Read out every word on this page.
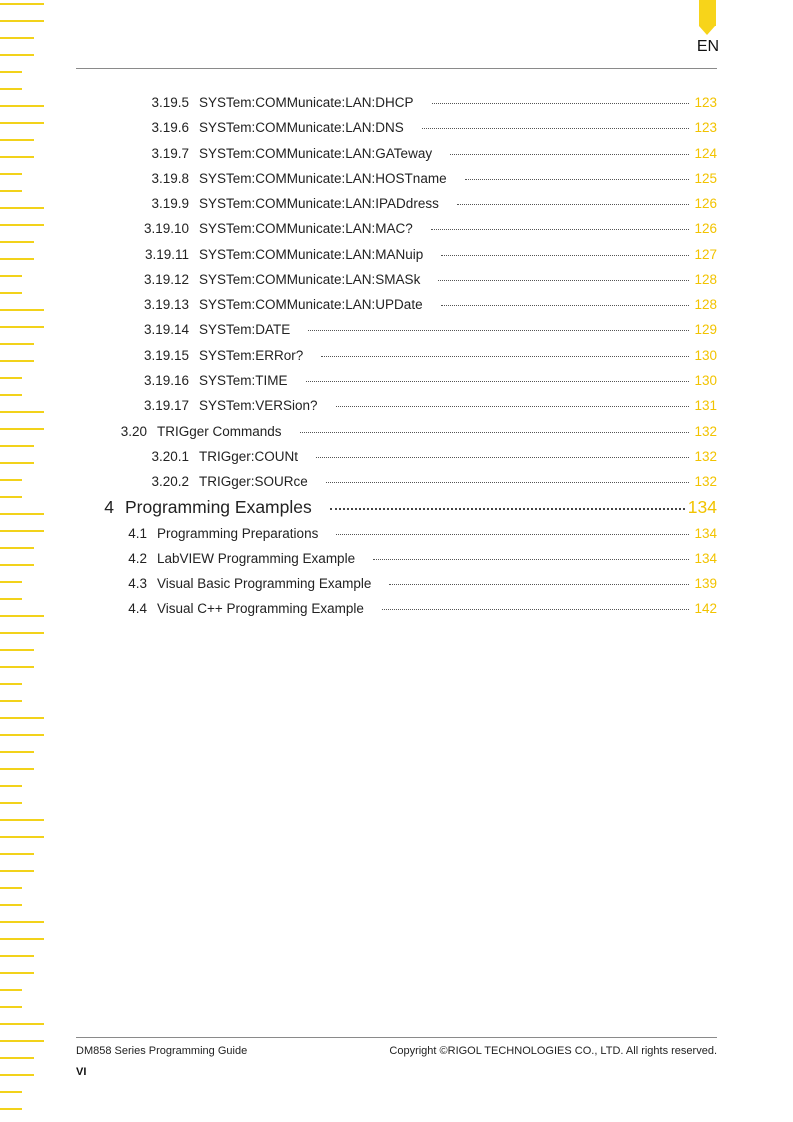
EN
3.19.5 SYSTem:COMMunicate:LAN:DHCP	123
3.19.6 SYSTem:COMMunicate:LAN:DNS	123
3.19.7 SYSTem:COMMunicate:LAN:GATeway	124
3.19.8 SYSTem:COMMunicate:LAN:HOSTname	125
3.19.9 SYSTem:COMMunicate:LAN:IPADdress	126
3.19.10 SYSTem:COMMunicate:LAN:MAC?	126
3.19.11 SYSTem:COMMunicate:LAN:MANuip	127
3.19.12 SYSTem:COMMunicate:LAN:SMASk	128
3.19.13 SYSTem:COMMunicate:LAN:UPDate	128
3.19.14 SYSTem:DATE	129
3.19.15 SYSTem:ERRor?	130
3.19.16 SYSTem:TIME	130
3.19.17 SYSTem:VERSion?	131
3.20 TRIGger Commands	132
3.20.1 TRIGger:COUNt	132
3.20.2 TRIGger:SOURce	132
4 Programming Examples	134
4.1 Programming Preparations	134
4.2 LabVIEW Programming Example	134
4.3 Visual Basic Programming Example	139
4.4 Visual C++ Programming Example	142
DM858 Series Programming Guide	Copyright ©RIGOL TECHNOLOGIES CO., LTD. All rights reserved.
VI
